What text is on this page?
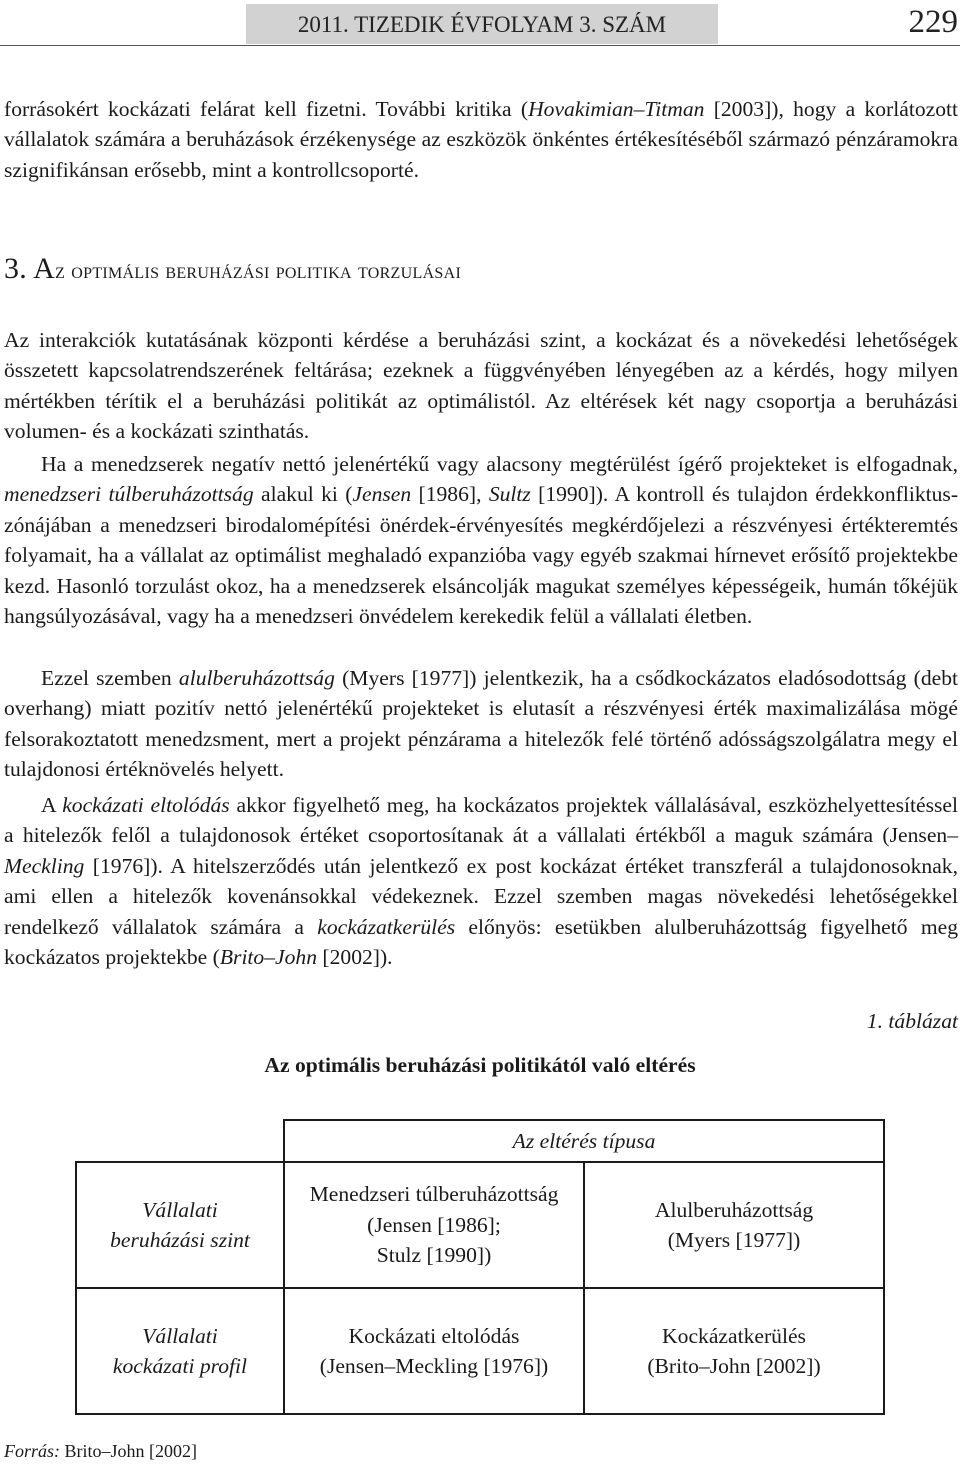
2011. TIZEDIK ÉVFOLYAM 3. SZÁM	229

forrásokért kockázati felárat kell fizetni. További kritika (Hovakimian–Titman [2003]), hogy a korlátozott vállalatok számára a beruházások érzékenysége az eszközök önkéntes értékesítéséből származó pénzáramokra szignifikánsan erősebb, mint a kontrollcsoporté.

3. Az optimális beruházási politika torzulásai

Az interakciók kutatásának központi kérdése a beruházási szint, a kockázat és a növekedési lehetőségek összetett kapcsolatrendszerének feltárása; ezeknek a függvényében lényegében az a kérdés, hogy milyen mértékben térítik el a beruházási politikát az optimálistól. Az eltérések két nagy csoportja a beruházási volumen- és a kockázati szinthatás.

Ha a menedzserek negatív nettó jelenértékű vagy alacsony megtérülést ígérő projekteket is elfogadnak, menedzseri túlberuházottság alakul ki (Jensen [1986], Sultz [1990]). A kontroll és tulajdon érdekkonfliktus-zónájában a menedzseri birodalomépítési önérdek-érvényesítés megkérdőjelezi a részvényesi értékteremtés folyamait, ha a vállalat az optimálist meghaladó expanzióba vagy egyéb szakmai hírnevet erősítő projektekbe kezd. Hasonló torzulást okoz, ha a menedzserek elsáncolják magukat személyes képességeik, humán tőkéjük hangsúlyozásával, vagy ha a menedzseri önvédelem kerekedik felül a vállalati életben.

Ezzel szemben alulberuházottság (Myers [1977]) jelentkezik, ha a csődkockázatos eladósodottság (debt overhang) miatt pozitív nettó jelenértékű projekteket is elutasít a részvényesi érték maximalizálása mögé felsorakoztatott menedzsment, mert a projekt pénzárama a hitelezők felé történő adósságszolgálatra megy el tulajdonosi értéknövelés helyett.

A kockázati eltolódás akkor figyelhető meg, ha kockázatos projektek vállalásával, eszközhelyettesítéssel a hitelezők felől a tulajdonosok értéket csoportosítanak át a vállalati értékből a maguk számára (Jensen–Meckling [1976]). A hitelszerződés után jelentkező ex post kockázat értéket transzferál a tulajdonosoknak, ami ellen a hitelezők kovenánsokkal védekeznek. Ezzel szemben magas növekedési lehetőségekkel rendelkező vállalatok számára a kockázatkerülés előnyös: esetükben alulberuházottság figyelhető meg kockázatos projektekbe (Brito–John [2002]).

1. táblázat
Az optimális beruházási politikától való eltérés
	Az eltérés típusa	
Vállalati
beruházási szint	Menedzseri túlberuházottság
(Jensen [1986];
Stulz [1990])	Alulberuházottság
(Myers [1977])
Vállalati
kockázati profil	Kockázati eltolódás
(Jensen–Meckling [1976])	Kockázatkerülés
(Brito–John [2002])
Forrás: Brito–John [2002]
